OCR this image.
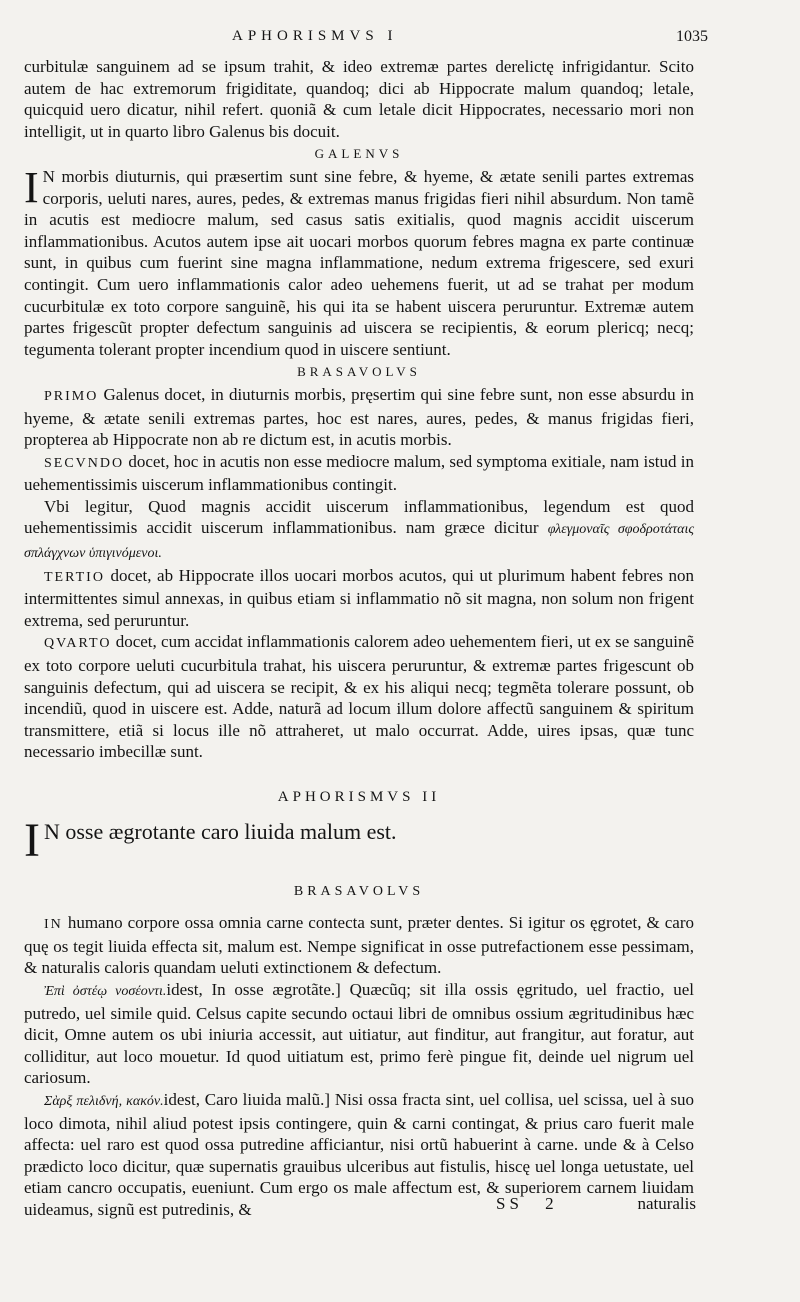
APHORISMVS I	1035

curbitulæ sanguinem ad se ipsum trahit, & ideo extremæ partes derelictę infrigidantur. Scito autem de hac extremorum frigiditate, quandoq; dici ab Hippocrate malum quandoq; letale, quicquid uero dicatur, nihil refert. quoniã & cum letale dicit Hippocrates, necessario mori non intelligit, ut in quarto libro Galenus bis docuit.

GALENVS

I N morbis diuturnis, qui præsertim sunt sine febre, & hyeme, & ætate senili partes extremas corporis, ueluti nares, aures, pedes, & extremas manus frigidas fieri nihil absurdum. Non tamẽ in acutis est mediocre malum, sed casus satis exitialis, quod magnis accidit uiscerum inflammationibus. Acutos autem ipse ait uocari morbos quorum febres magna ex parte continuæ sunt, in quibus cum fuerint sine magna inflammatione, nedum extrema frigescere, sed exuri contingit. Cum uero inflammationis calor adeo uehemens fuerit, ut ad se trahat per modum cucurbitulæ ex toto corpore sanguinẽ, his qui ita se habent uiscera peruruntur. Extremæ autem partes frigescũt propter defectum sanguinis ad uiscera se recipientis, & eorum plericq; necq; tegumenta tolerant propter incendium quod in uiscere sentiunt.

BRASAVOLVS

PRIMO Galenus docet, in diuturnis morbis, pręsertim qui sine febre sunt, non esse absurdu in hyeme, & ætate senili extremas partes, hoc est nares, aures, pedes, & manus frigidas fieri, propterea ab Hippocrate non ab re dictum est, in acutis morbis.

SECVNDO docet, hoc in acutis non esse mediocre malum, sed symptoma exitiale, nam istud in uehementissimis uiscerum inflammationibus contingit.

Vbi legitur, Quod magnis accidit uiscerum inflammationibus, legendum est quod uehementissimis accidit uiscerum inflammationibus. nam græce dicitur φλεγμοναῖς σφοδροτάταις σπλάγχνων ὑπιγινόμενοι.

TERTIO docet, ab Hippocrate illos uocari morbos acutos, qui ut plurimum habent febres non intermittentes simul annexas, in quibus etiam si inflammatio nõ sit magna, non solum non frigent extrema, sed peruruntur.

QVARTO docet, cum accidat inflammationis calorem adeo uehementem fieri, ut ex se sanguinẽ ex toto corpore ueluti cucurbitula trahat, his uiscera peruruntur, & extremæ partes frigescunt ob sanguinis defectum, qui ad uiscera se recipit, & ex his aliqui necq; tegmẽta tolerare possunt, ob incendiũ, quod in uiscere est. Adde, naturã ad locum illum dolore affectũ sanguinem & spiritum transmittere, etiã si locus ille nõ attraheret, ut malo occurrat. Adde, uires ipsas, quæ tunc necessario imbecillæ sunt.

APHORISMVS II

I N osse ægrotante caro liuida malum est.

BRASAVOLVS

IN humano corpore ossa omnia carne contecta sunt, præter dentes. Si igitur os ęgrotet, & caro quę os tegit liuida effecta sit, malum est. Nempe significat in osse putrefactionem esse pessimam, & naturalis caloris quandam ueluti extinctionem & defectum.

Ἐπὶ ὀστέῳ νοσέοντι.idest, In osse ægrotãte.] Quæcũq; sit illa ossis ęgritudo, uel fractio, uel putredo, uel simile quid. Celsus capite secundo octaui libri de omnibus ossium ægritudinibus hæc dicit, Omne autem os ubi iniuria accessit, aut uitiatur, aut finditur, aut frangitur, aut foratur, aut colliditur, aut loco mouetur. Id quod uitiatum est, primo ferè pingue fit, deinde uel nigrum uel cariosum.

Σὰρξ πελιδνή, κακόν.idest, Caro liuida malũ.] Nisi ossa fracta sint, uel collisa, uel scissa, uel à suo loco dimota, nihil aliud potest ipsis contingere, quin & carni contingat, & prius caro fuerit male affecta: uel raro est quod ossa putredine afficiantur, nisi ortũ habuerint à carne. unde & à Celso prædicto loco dicitur, quæ supernatis grauibus ulceribus aut fistulis, hiscę uel longa uetustate, uel etiam cancro occupatis, eueniunt. Cum ergo os male affectum est, & superiorem carnem liuidam uideamus, signũ est putredinis, &	SS 2	naturalis
